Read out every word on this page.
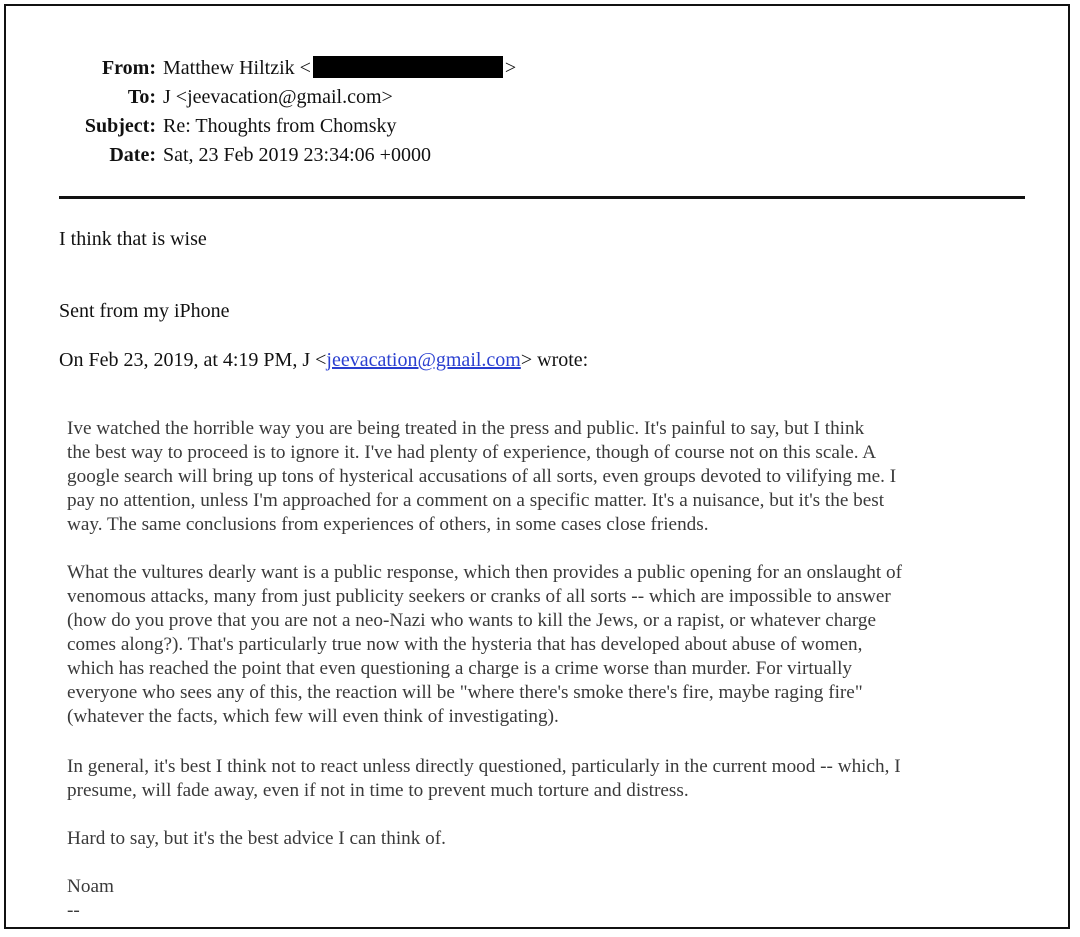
From: Matthew Hiltzik <	>
To: J <jeevacation@gmail.com>
Subject: Re: Thoughts from Chomsky
Date: Sat, 23 Feb 2019 23:34:06 +0000
I think that is wise
Sent from my iPhone
On Feb 23, 2019, at 4:19 PM, J <jeevacation@gmail.com> wrote:

Ive watched the horrible way you are being treated in the press and public. It's painful to say, but I think
the best way to proceed is to ignore it. I've had plenty of experience, though of course not on this scale. A
google search will bring up tons of hysterical accusations of all sorts, even groups devoted to vilifying me. I
pay no attention, unless I'm approached for a comment on a specific matter. It's a nuisance, but it's the best
way. The same conclusions from experiences of others, in some cases close friends.

What the vultures dearly want is a public response, which then provides a public opening for an onslaught of
venomous attacks, many from just publicity seekers or cranks of all sorts -- which are impossible to answer
(how do you prove that you are not a neo-Nazi who wants to kill the Jews, or a rapist, or whatever charge
comes along?). That's particularly true now with the hysteria that has developed about abuse of women,
which has reached the point that even questioning a charge is a crime worse than murder. For virtually
everyone who sees any of this, the reaction will be "where there's smoke there's fire, maybe raging fire"
(whatever the facts, which few will even think of investigating).

In general, it's best I think not to react unless directly questioned, particularly in the current mood -- which, I
presume, will fade away, even if not in time to prevent much torture and distress.

Hard to say, but it's the best advice I can think of.
Noam
--
